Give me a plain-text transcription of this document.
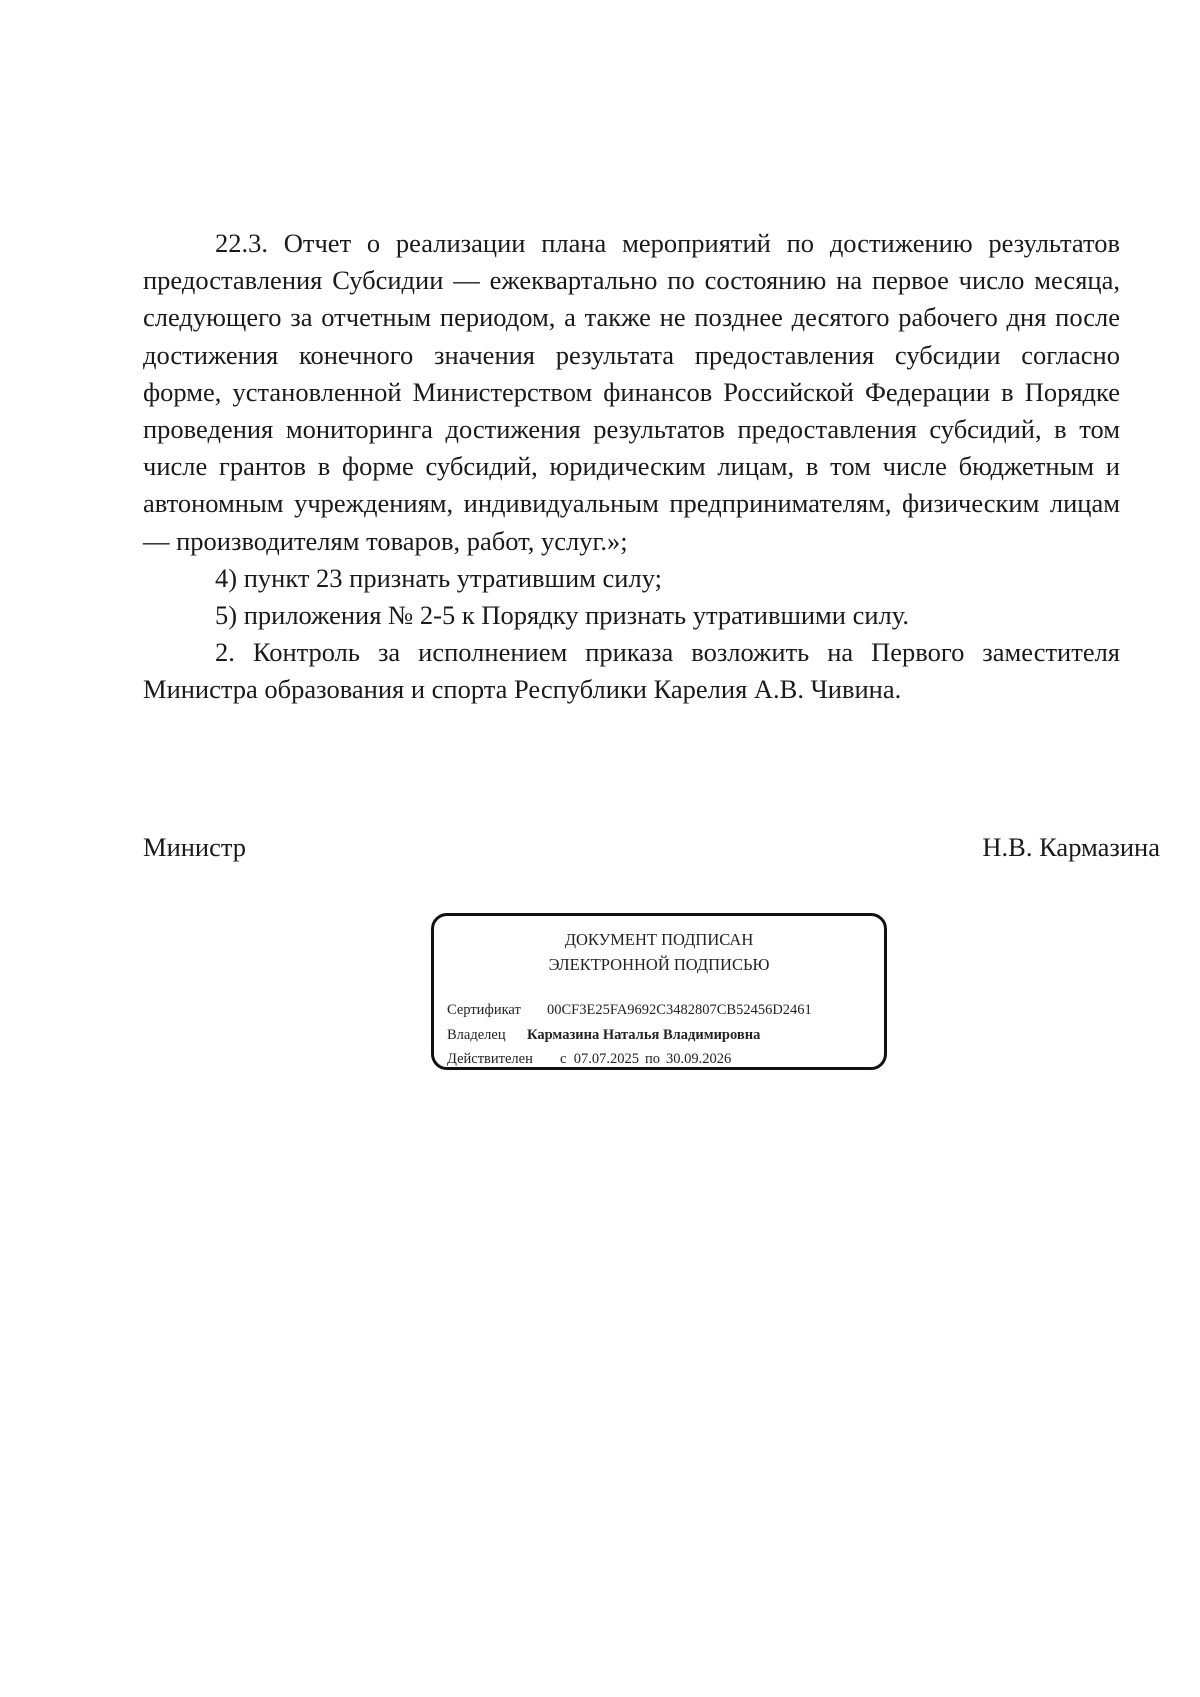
22.3. Отчет о реализации плана мероприятий по достижению результатов предоставления Субсидии — ежеквартально по состоянию на первое число месяца, следующего за отчетным периодом, а также не позднее десятого рабочего дня после достижения конечного значения результата предоставления субсидии согласно форме, установленной Министерством финансов Российской Федерации в Порядке проведения мониторинга достижения результатов предоставления субсидий, в том числе грантов в форме субсидий, юридическим лицам, в том числе бюджетным и автономным учреждениям, индивидуальным предпринимателям, физическим лицам — производителям товаров, работ, услуг.»;

4) пункт 23 признать утратившим силу;

5) приложения № 2-5 к Порядку признать утратившими силу.

2. Контроль за исполнением приказа возложить на Первого заместителя Министра образования и спорта Республики Карелия А.В. Чивина.

Министр	Н.В. Кармазина
ДОКУМЕНТ ПОДПИСАН
ЭЛЕКТРОННОЙ ПОДПИСЬЮ
Сертификат 00CF3E25FA9692C3482807CB52456D2461
Владелец Кармазина Наталья Владимировна
Действителен с 07.07.2025 по 30.09.2026
